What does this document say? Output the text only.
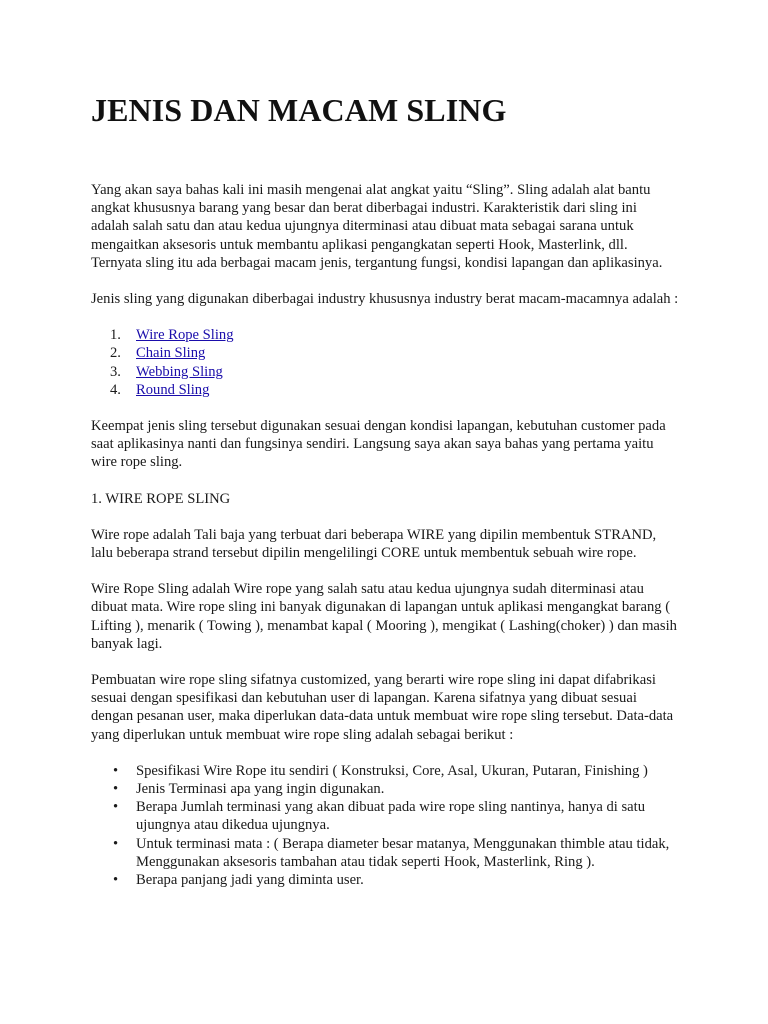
JENIS DAN MACAM SLING

Yang akan saya bahas kali ini masih mengenai alat angkat yaitu “Sling”. Sling adalah alat bantu angkat khususnya barang yang besar dan berat diberbagai industri. Karakteristik dari sling ini adalah salah satu dan atau kedua ujungnya diterminasi atau dibuat mata sebagai sarana untuk mengaitkan aksesoris untuk membantu aplikasi pengangkatan seperti Hook, Masterlink, dll. Ternyata sling itu ada berbagai macam jenis, tergantung fungsi, kondisi lapangan dan aplikasinya.

Jenis sling yang digunakan diberbagai industry khususnya industry berat macam-macamnya adalah :

1. Wire Rope Sling
2. Chain Sling
3. Webbing Sling
4. Round Sling

Keempat jenis sling tersebut digunakan sesuai dengan kondisi lapangan, kebutuhan customer pada saat aplikasinya nanti dan fungsinya sendiri. Langsung saya akan saya bahas yang pertama yaitu wire rope sling.

1. WIRE ROPE SLING

Wire rope adalah Tali baja yang terbuat dari beberapa WIRE yang dipilin membentuk STRAND, lalu beberapa strand tersebut dipilin mengelilingi CORE untuk membentuk sebuah wire rope.

Wire Rope Sling adalah Wire rope yang salah satu atau kedua ujungnya sudah diterminasi atau dibuat mata. Wire rope sling ini banyak digunakan di lapangan untuk aplikasi mengangkat barang ( Lifting ), menarik ( Towing ), menambat kapal ( Mooring ), mengikat ( Lashing(choker) ) dan masih banyak lagi.

Pembuatan wire rope sling sifatnya customized, yang berarti wire rope sling ini dapat difabrikasi sesuai dengan spesifikasi dan kebutuhan user di lapangan. Karena sifatnya yang dibuat sesuai dengan pesanan user, maka diperlukan data-data untuk membuat wire rope sling tersebut. Data-data yang diperlukan untuk membuat wire rope sling adalah sebagai berikut :

• Spesifikasi Wire Rope itu sendiri ( Konstruksi, Core, Asal, Ukuran, Putaran, Finishing )
• Jenis Terminasi apa yang ingin digunakan.
• Berapa Jumlah terminasi yang akan dibuat pada wire rope sling nantinya, hanya di satu ujungnya atau dikedua ujungnya.
• Untuk terminasi mata : ( Berapa diameter besar matanya, Menggunakan thimble atau tidak, Menggunakan aksesoris tambahan atau tidak seperti Hook, Masterlink, Ring ).
• Berapa panjang jadi yang diminta user.
